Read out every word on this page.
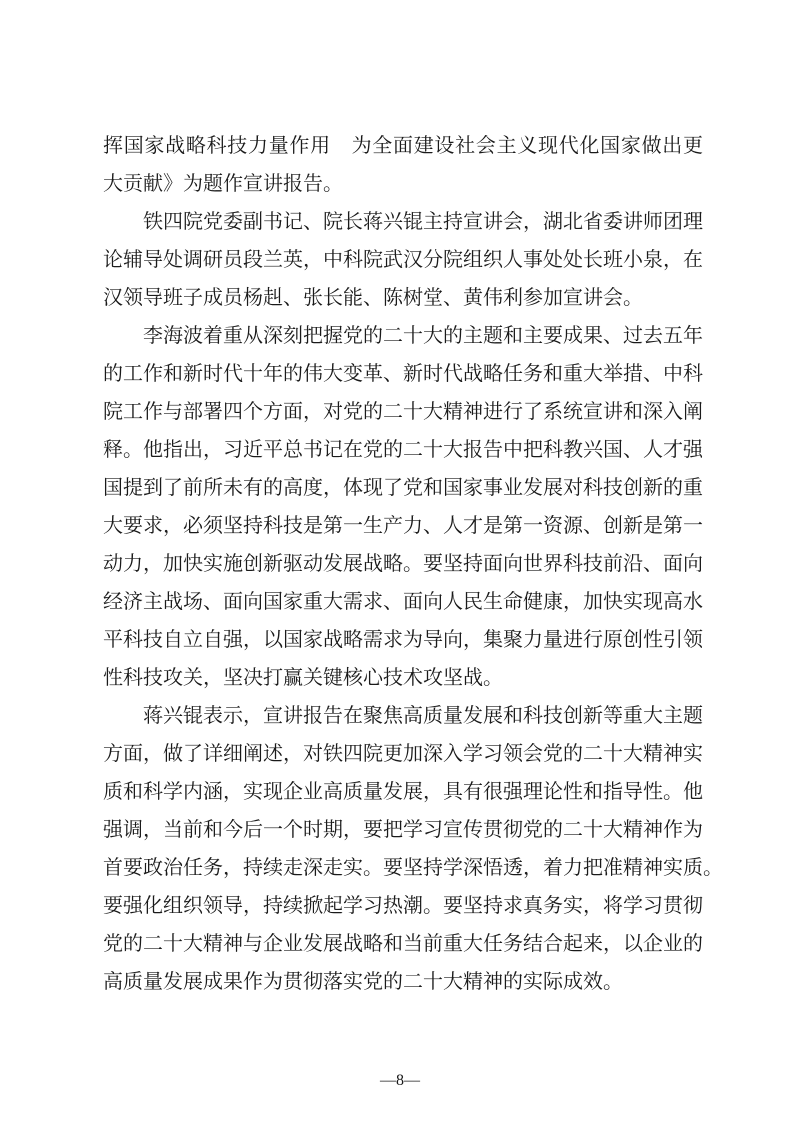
挥国家战略科技力量作用　为全面建设社会主义现代化国家做出更
大贡献》为题作宣讲报告。
铁四院党委副书记、院长蒋兴锟主持宣讲会，湖北省委讲师团理
论辅导处调研员段兰英，中科院武汉分院组织人事处处长班小泉，在
汉领导班子成员杨赳、张长能、陈树堂、黄伟利参加宣讲会。
李海波着重从深刻把握党的二十大的主题和主要成果、过去五年
的工作和新时代十年的伟大变革、新时代战略任务和重大举措、中科
院工作与部署四个方面，对党的二十大精神进行了系统宣讲和深入阐
释。他指出，习近平总书记在党的二十大报告中把科教兴国、人才强
国提到了前所未有的高度，体现了党和国家事业发展对科技创新的重
大要求，必须坚持科技是第一生产力、人才是第一资源、创新是第一
动力，加快实施创新驱动发展战略。要坚持面向世界科技前沿、面向
经济主战场、面向国家重大需求、面向人民生命健康，加快实现高水
平科技自立自强，以国家战略需求为导向，集聚力量进行原创性引领
性科技攻关，坚决打赢关键核心技术攻坚战。
蒋兴锟表示，宣讲报告在聚焦高质量发展和科技创新等重大主题
方面，做了详细阐述，对铁四院更加深入学习领会党的二十大精神实
质和科学内涵，实现企业高质量发展，具有很强理论性和指导性。他
强调，当前和今后一个时期，要把学习宣传贯彻党的二十大精神作为
首要政治任务，持续走深走实。要坚持学深悟透，着力把准精神实质。
要强化组织领导，持续掀起学习热潮。要坚持求真务实，将学习贯彻
党的二十大精神与企业发展战略和当前重大任务结合起来，以企业的
高质量发展成果作为贯彻落实党的二十大精神的实际成效。
—8—
